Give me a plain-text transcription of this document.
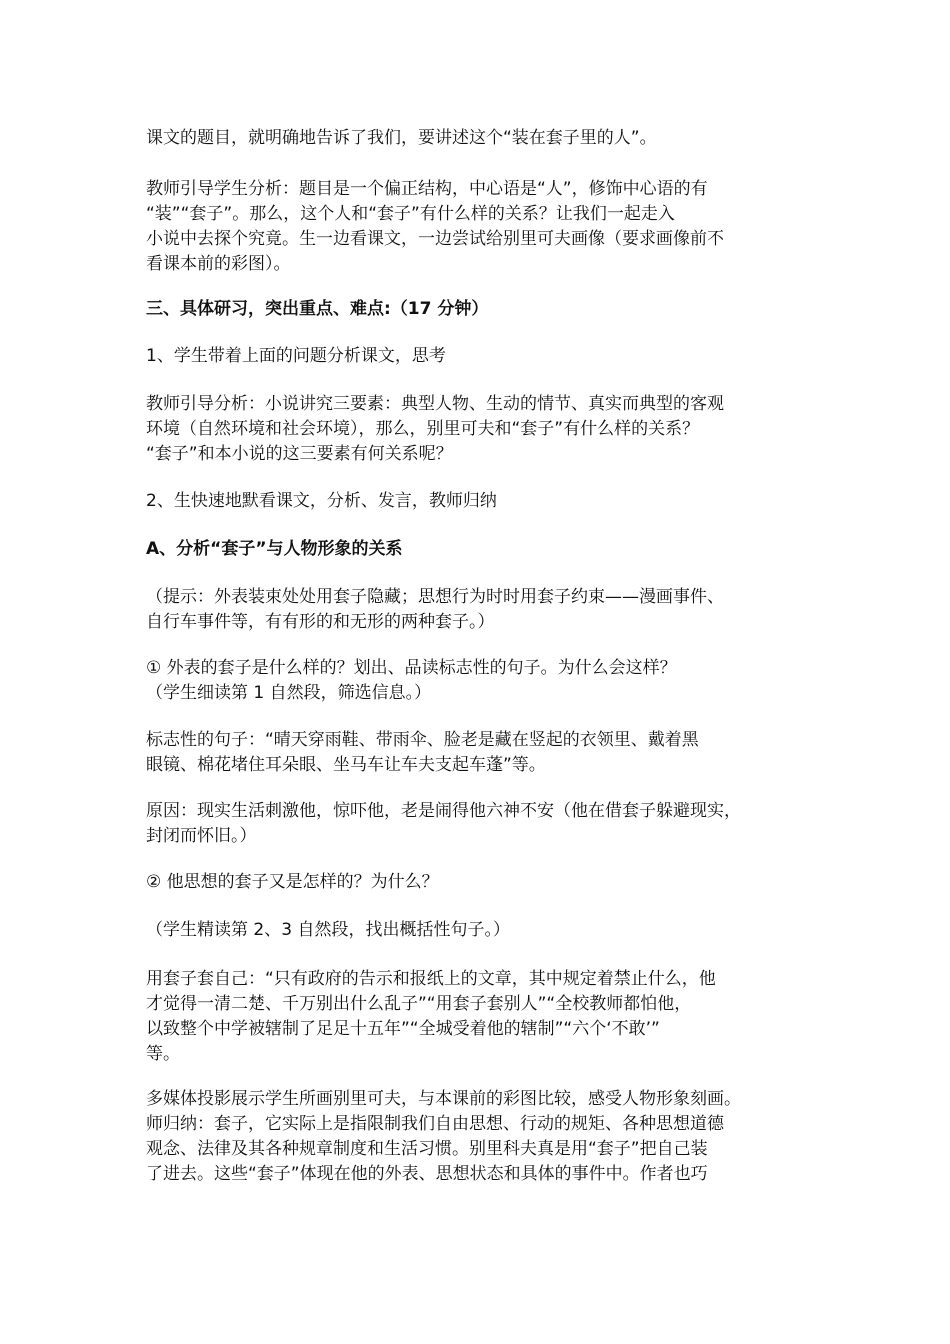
课文的题目，就明确地告诉了我们，要讲述这个“装在套子里的人”。
教师引导学生分析：题目是一个偏正结构，中心语是“人”，修饰中心语的有
“装”“套子”。那么，这个人和“套子”有什么样的关系？让我们一起走入
小说中去探个究竟。生一边看课文，一边尝试给别里可夫画像（要求画像前不
看课本前的彩图）。
三、具体研习，突出重点、难点:（17 分钟）
1、学生带着上面的问题分析课文，思考
教师引导分析：小说讲究三要素：典型人物、生动的情节、真实而典型的客观
环境（自然环境和社会环境），那么，别里可夫和“套子”有什么样的关系？
“套子”和本小说的这三要素有何关系呢？
2、生快速地默看课文，分析、发言，教师归纳
A、分析“套子”与人物形象的关系
（提示：外表装束处处用套子隐藏；思想行为时时用套子约束——漫画事件、
自行车事件等，有有形的和无形的两种套子。）
① 外表的套子是什么样的？划出、品读标志性的句子。为什么会这样？
（学生细读第 1 自然段，筛选信息。）
标志性的句子：“晴天穿雨鞋、带雨伞、脸老是藏在竖起的衣领里、戴着黑
眼镜、棉花堵住耳朵眼、坐马车让车夫支起车蓬”等。
原因：现实生活刺激他，惊吓他，老是闹得他六神不安（他在借套子躲避现实，
封闭而怀旧。）
② 他思想的套子又是怎样的？为什么？
（学生精读第 2、3 自然段，找出概括性句子。）
用套子套自己：“只有政府的告示和报纸上的文章，其中规定着禁止什么，他
才觉得一清二楚、千万别出什么乱子”“用套子套别人”“全校教师都怕他，
以致整个中学被辖制了足足十五年”“全城受着他的辖制”“六个‘不敢’”
等。
多媒体投影展示学生所画别里可夫，与本课前的彩图比较，感受人物形象刻画。
师归纳：套子，它实际上是指限制我们自由思想、行动的规矩、各种思想道德
观念、法律及其各种规章制度和生活习惯。别里科夫真是用“套子”把自己装
了进去。这些“套子”体现在他的外表、思想状态和具体的事件中。作者也巧
